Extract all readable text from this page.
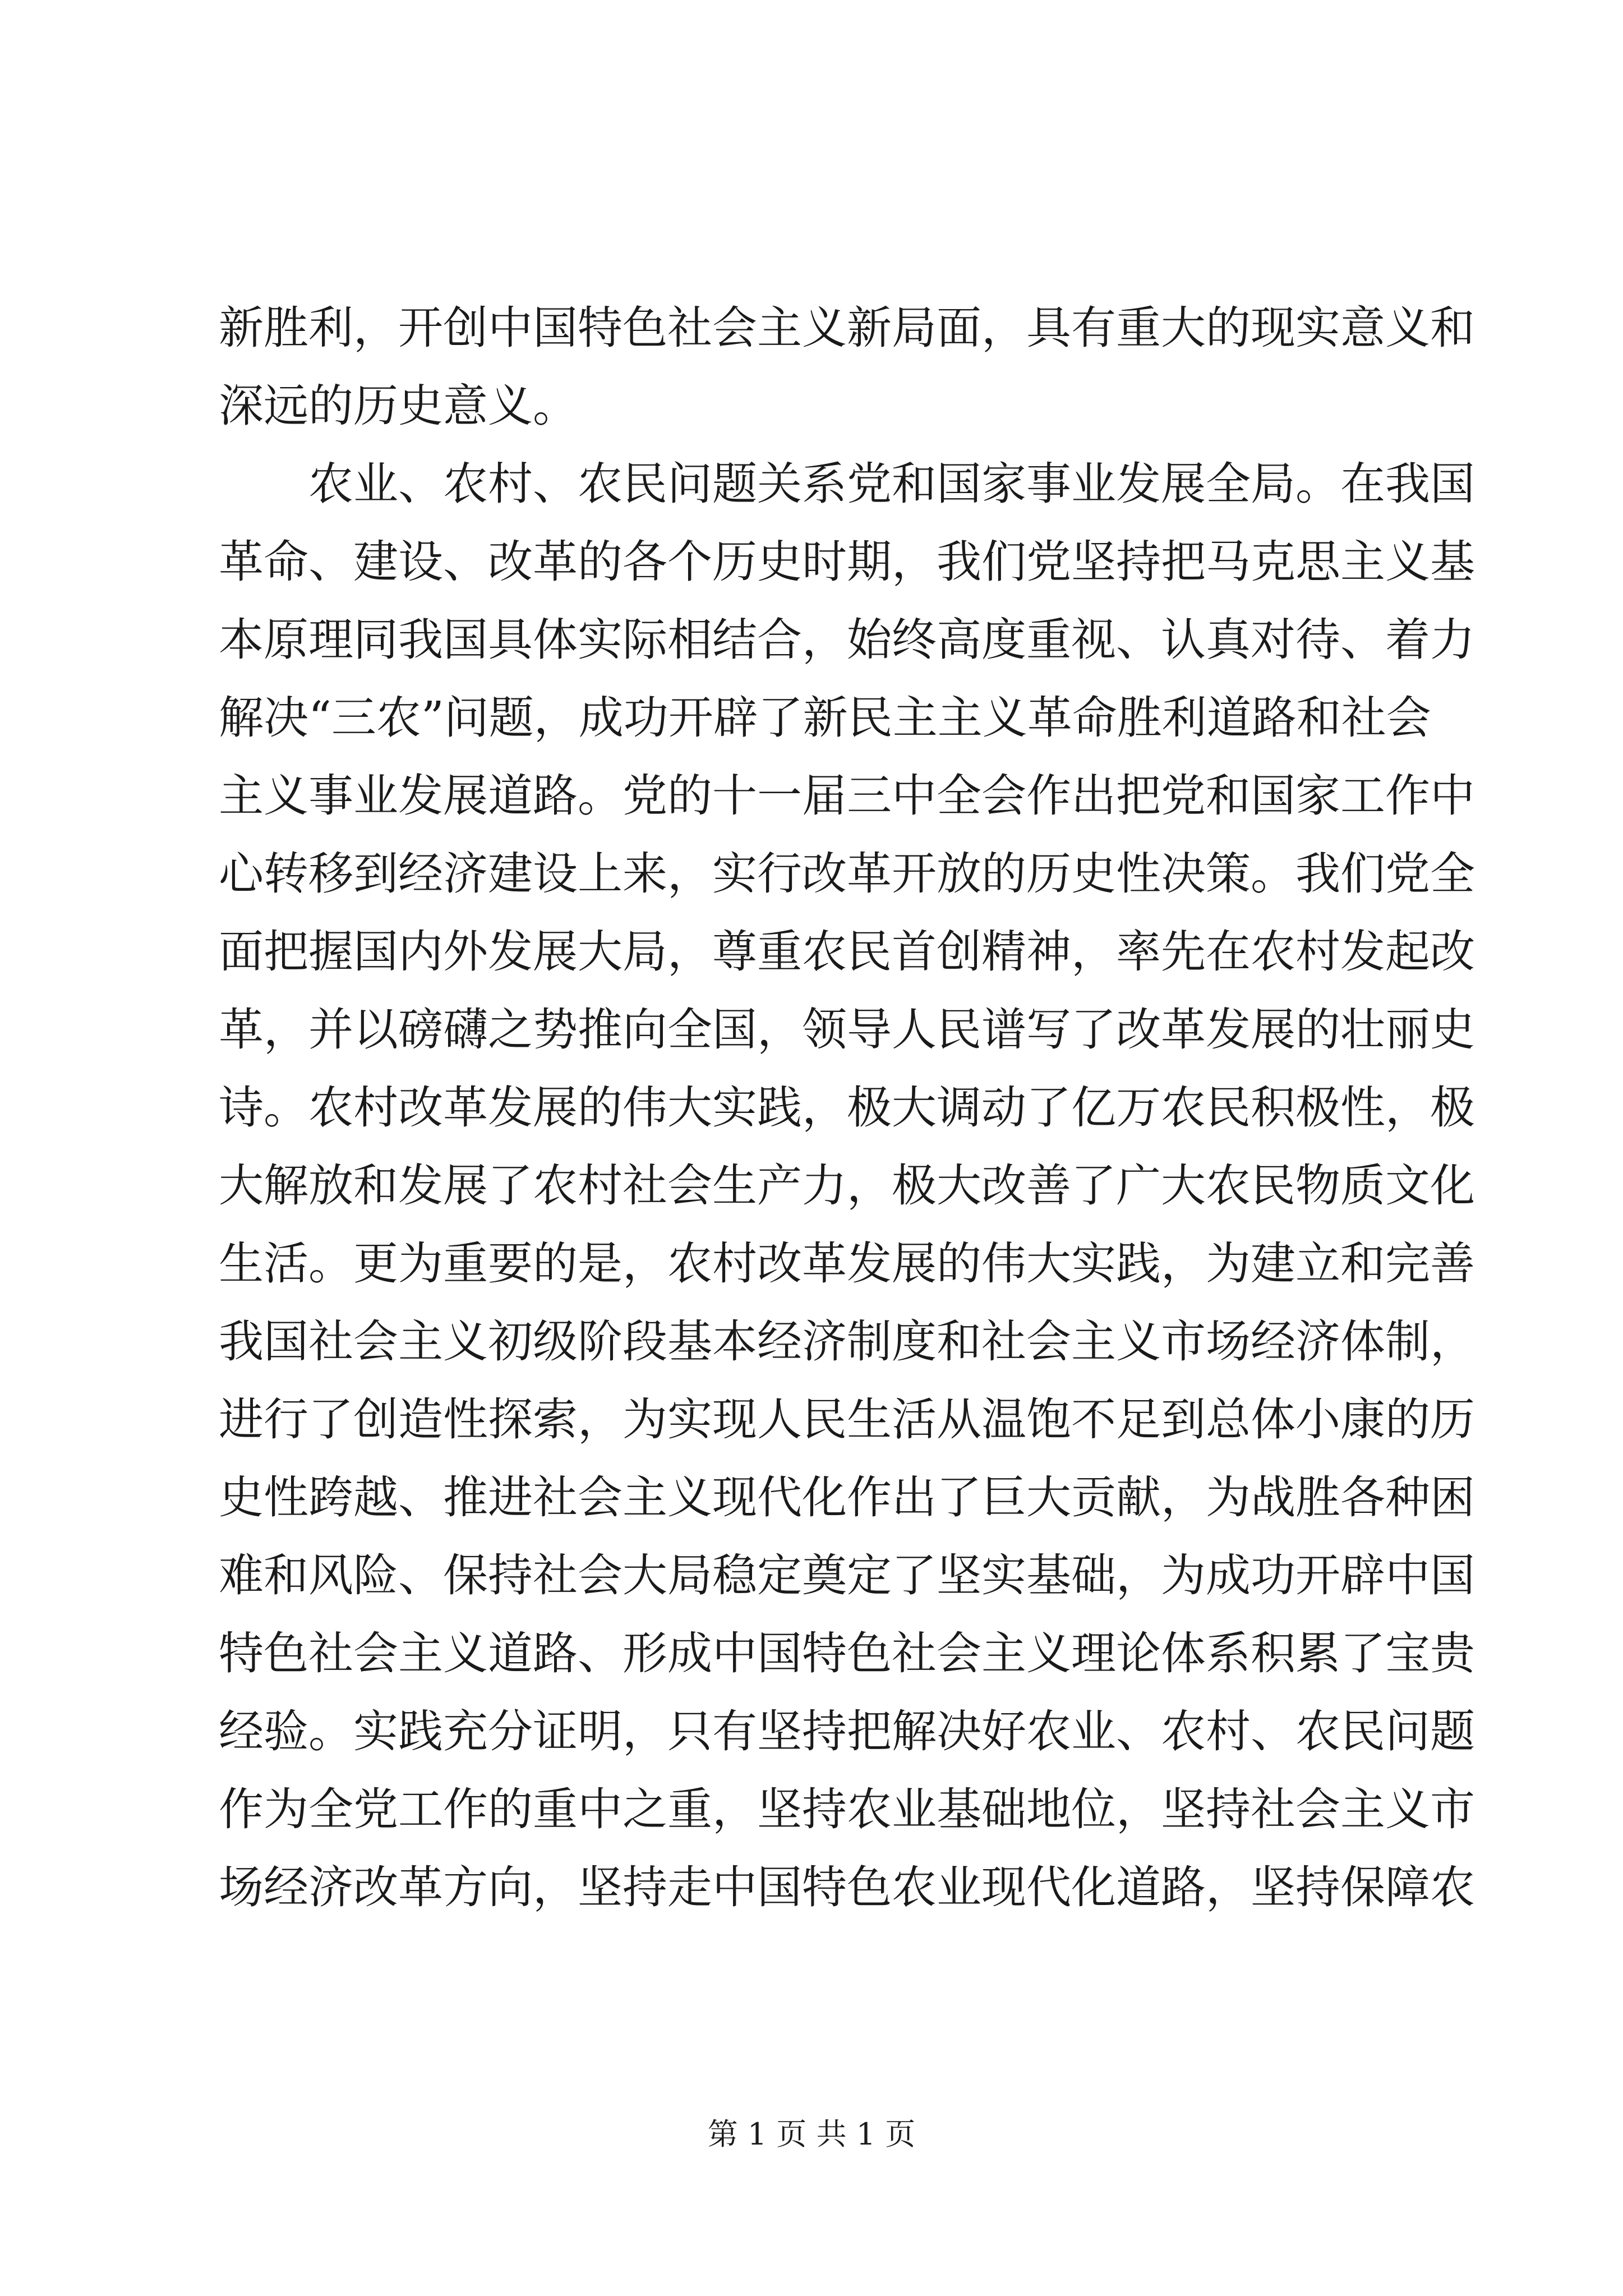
新胜利，开创中国特色社会主义新局面，具有重大的现实意义和
深远的历史意义。
农业、农村、农民问题关系党和国家事业发展全局。在我国
革命、建设、改革的各个历史时期，我们党坚持把马克思主义基
本原理同我国具体实际相结合，始终高度重视、认真对待、着力
解决“三农”问题，成功开辟了新民主主义革命胜利道路和社会
主义事业发展道路。党的十一届三中全会作出把党和国家工作中
心转移到经济建设上来，实行改革开放的历史性决策。我们党全
面把握国内外发展大局，尊重农民首创精神，率先在农村发起改
革，并以磅礴之势推向全国，领导人民谱写了改革发展的壮丽史
诗。农村改革发展的伟大实践，极大调动了亿万农民积极性，极
大解放和发展了农村社会生产力，极大改善了广大农民物质文化
生活。更为重要的是，农村改革发展的伟大实践，为建立和完善
我国社会主义初级阶段基本经济制度和社会主义市场经济体制，
进行了创造性探索，为实现人民生活从温饱不足到总体小康的历
史性跨越、推进社会主义现代化作出了巨大贡献，为战胜各种困
难和风险、保持社会大局稳定奠定了坚实基础，为成功开辟中国
特色社会主义道路、形成中国特色社会主义理论体系积累了宝贵
经验。实践充分证明，只有坚持把解决好农业、农村、农民问题
作为全党工作的重中之重，坚持农业基础地位，坚持社会主义市
场经济改革方向，坚持走中国特色农业现代化道路，坚持保障农
第 1 页 共 1 页
